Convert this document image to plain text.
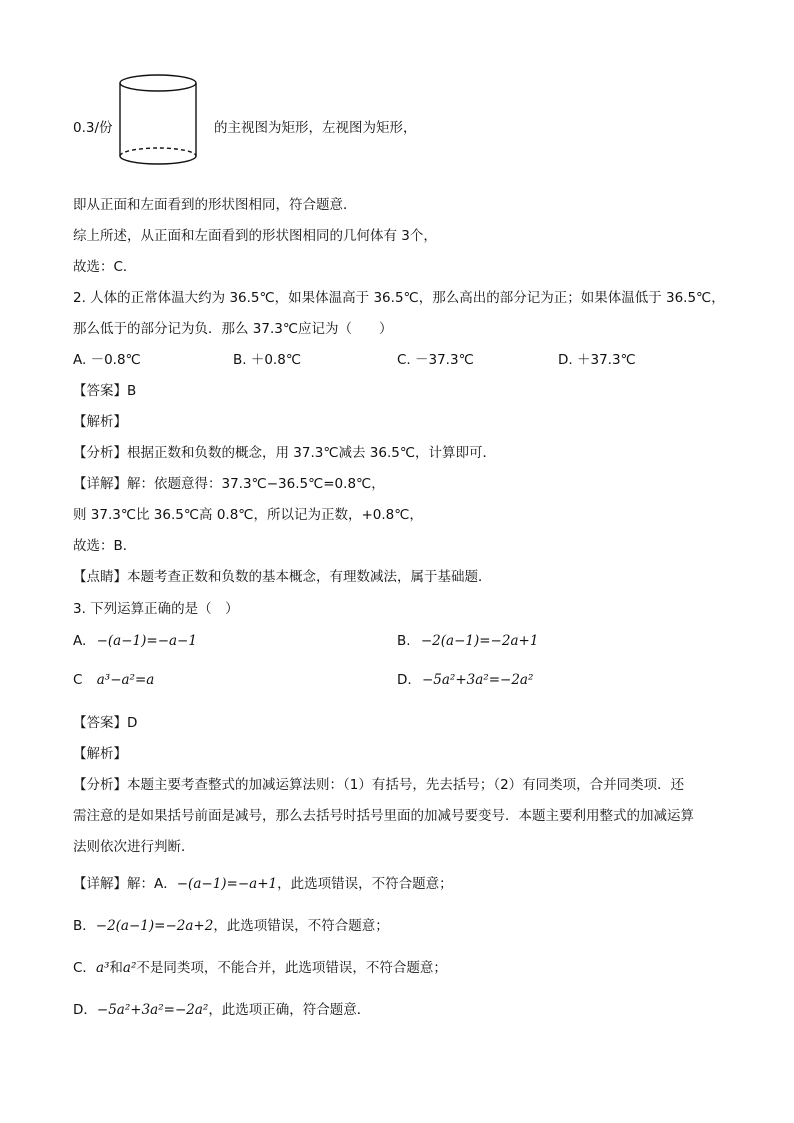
0.3/份	的主视图为矩形，左视图为矩形，
即从正面和左面看到的形状图相同，符合题意．
综上所述，从正面和左面看到的形状图相同的几何体有 3个，
故选：C．
2. 人体的正常体温大约为 36.5℃，如果体温高于 36.5℃，那么高出的部分记为正；如果体温低于 36.5℃，
那么低于的部分记为负．那么 37.3℃应记为（　　）
A. －0.8℃	B. ＋0.8℃	C. －37.3℃	D. ＋37.3℃
【答案】B
【解析】
【分析】根据正数和负数的概念，用 37.3℃减去 36.5℃，计算即可．
【详解】解：依题意得：37.3℃−36.5℃=0.8℃，
则 37.3℃比 36.5℃高 0.8℃，所以记为正数，+0.8℃，
故选：B．
【点睛】本题考查正数和负数的基本概念，有理数减法，属于基础题．
3. 下列运算正确的是（　）
A. −(a−1)=−a−1	B. −2(a−1)=−2a+1
C a³−a²=a	D. −5a²+3a²=−2a²
【答案】D
【解析】
【分析】本题主要考查整式的加减运算法则：（1）有括号，先去括号；（2）有同类项，合并同类项．还
需注意的是如果括号前面是减号，那么去括号时括号里面的加减号要变号．本题主要利用整式的加减运算
法则依次进行判断．
【详解】解：A．−(a−1)=−a+1，此选项错误，不符合题意；
B．−2(a−1)=−2a+2，此选项错误，不符合题意；
C．a³和a²不是同类项，不能合并，此选项错误，不符合题意；
D．−5a²+3a²=−2a²，此选项正确，符合题意．
